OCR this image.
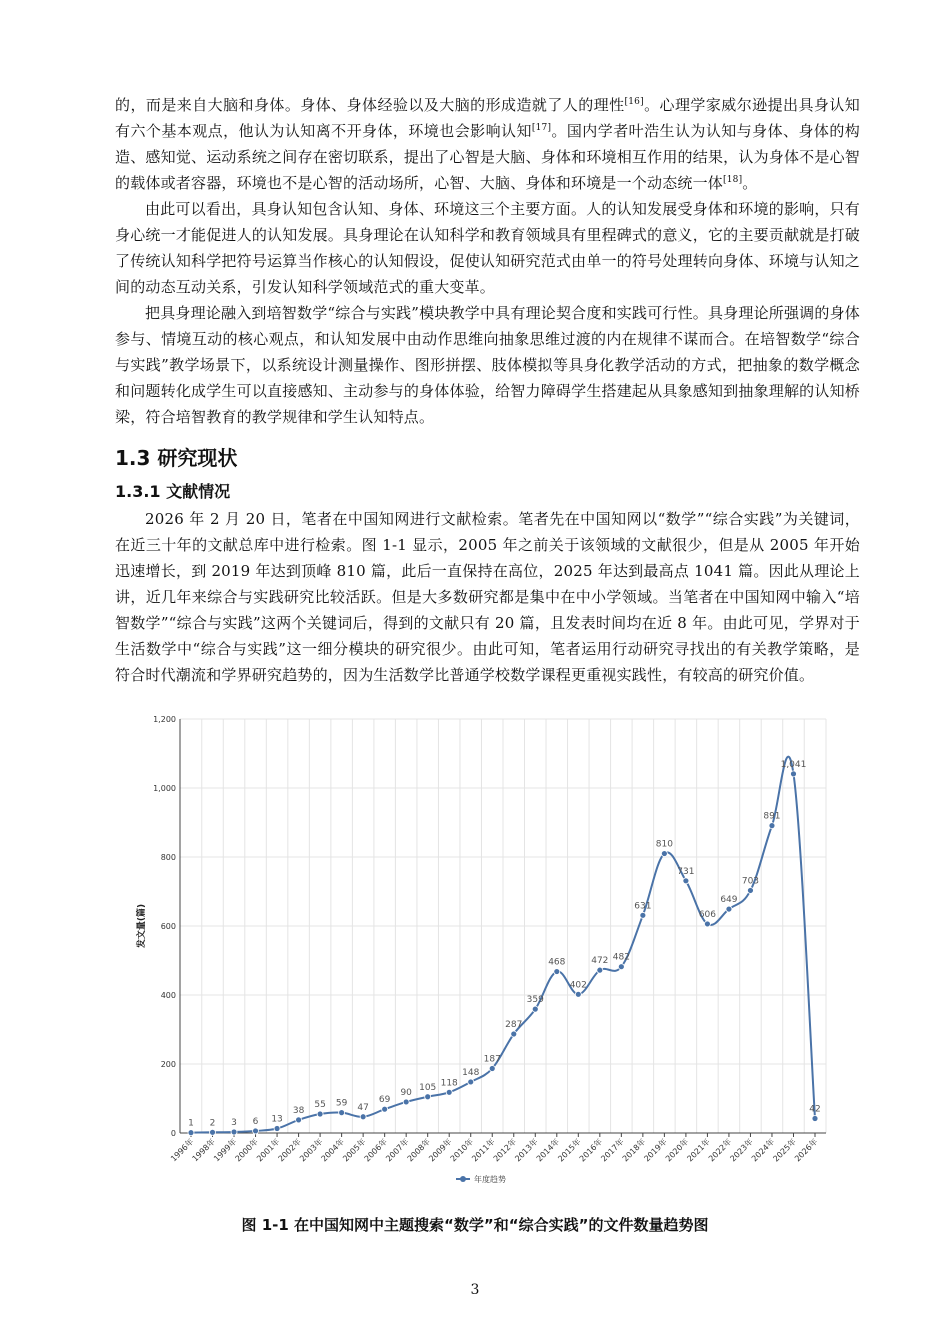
的，而是来自大脑和身体。身体、身体经验以及大脑的形成造就了人的理性[16]。心理学家威尔逊提出具身认知有六个基本观点，他认为认知离不开身体，环境也会影响认知[17]。国内学者叶浩生认为认知与身体、身体的构造、感知觉、运动系统之间存在密切联系，提出了心智是大脑、身体和环境相互作用的结果，认为身体不是心智的载体或者容器，环境也不是心智的活动场所，心智、大脑、身体和环境是一个动态统一体[18]。

由此可以看出，具身认知包含认知、身体、环境这三个主要方面。人的认知发展受身体和环境的影响，只有身心统一才能促进人的认知发展。具身理论在认知科学和教育领域具有里程碑式的意义，它的主要贡献就是打破了传统认知科学把符号运算当作核心的认知假设，促使认知研究范式由单一的符号处理转向身体、环境与认知之间的动态互动关系，引发认知科学领域范式的重大变革。

把具身理论融入到培智数学“综合与实践”模块教学中具有理论契合度和实践可行性。具身理论所强调的身体参与、情境互动的核心观点，和认知发展中由动作思维向抽象思维过渡的内在规律不谋而合。在培智数学“综合与实践”教学场景下，以系统设计测量操作、图形拼摆、肢体模拟等具身化教学活动的方式，把抽象的数学概念和问题转化成学生可以直接感知、主动参与的身体体验，给智力障碍学生搭建起从具象感知到抽象理解的认知桥梁，符合培智教育的教学规律和学生认知特点。

1.3 研究现状
1.3.1 文献情况

2026 年 2 月 20 日，笔者在中国知网进行文献检索。笔者先在中国知网以“数学”“综合实践”为关键词，在近三十年的文献总库中进行检索。图 1-1 显示，2005 年之前关于该领域的文献很少，但是从 2005 年开始迅速增长，到 2019 年达到顶峰 810 篇，此后一直保持在高位，2025 年达到最高点 1041 篇。因此从理论上讲，近几年来综合与实践研究比较活跃。但是大多数研究都是集中在中小学领域。当笔者在中国知网中输入“培智数学”“综合与实践”这两个关键词后，得到的文献只有 20 篇，且发表时间均在近 8 年。由此可见，学界对于生活数学中“综合与实践”这一细分模块的研究很少。由此可知，笔者运用行动研究寻找出的有关教学策略，是符合时代潮流和学界研究趋势的，因为生活数学比普通学校数学课程更重视实践性，有较高的研究价值。

0
200
400
600
800
1,000
1,200
1996年
1998年
1999年
2000年
2001年
2002年
2003年
2004年
2005年
2006年
2007年
2008年
2009年
2010年
2011年
2012年
2013年
2014年
2015年
2016年
2017年
2018年
2019年
2020年
2021年
2022年
2023年
2024年
2025年
2026年
发文量(篇)
1 2 3 6 13
38
55 59 47
69
90
105 118
148
187
287
359
468
402
472 482
631
810
731
606
649
703
891
1,041
42
年度趋势
图 1-1 在中国知网中主题搜索“数学”和“综合实践”的文件数量趋势图
3
